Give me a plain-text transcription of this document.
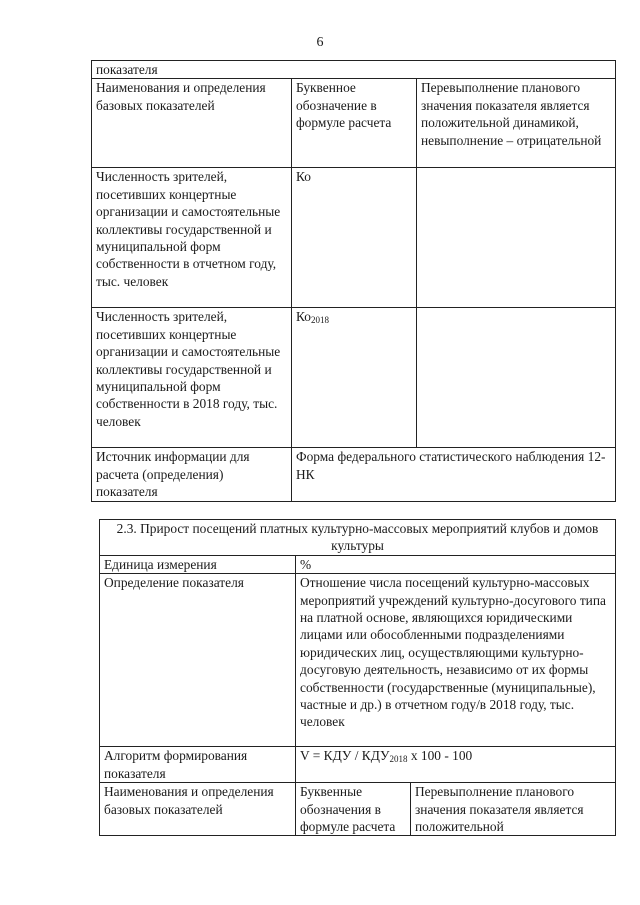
6
показателя		
Наименования и определения базовых показателей	Буквенное обозначение в формуле расчета	Перевыполнение планового значения показателя является положительной динамикой, невыполнение – отрицательной
Численность зрителей, посетивших концертные организации и самостоятельные коллективы государственной и муниципальной форм собственности в отчетном году, тыс. человек	Ко	
Численность зрителей, посетивших концертные организации и самостоятельные коллективы государственной и муниципальной форм собственности в 2018 году, тыс. человек	$Ко_{2018}$	
Источник информации для расчета (определения) показателя	Форма федерального статистического наблюдения 12-НК	
2.3. Прирост посещений платных культурно-массовых мероприятий клубов и домов культуры		
Единица измерения	%	
Определение показателя	Отношение числа посещений культурно-массовых мероприятий учреждений культурно-досугового типа на платной основе, являющихся юридическими лицами или обособленными подразделениями юридических лиц, осуществляющими культурно-досуговую деятельность, независимо от их формы собственности (государственные (муниципальные), частные и др.) в отчетном году/в 2018 году, тыс. человек	
Алгоритм формирования показателя	V = КДУ / $КДУ_{2018}$ x 100 - 100	
Наименования и определения базовых показателей	Буквенные обозначения в формуле расчета	Перевыполнение планового значения показателя является положительной
